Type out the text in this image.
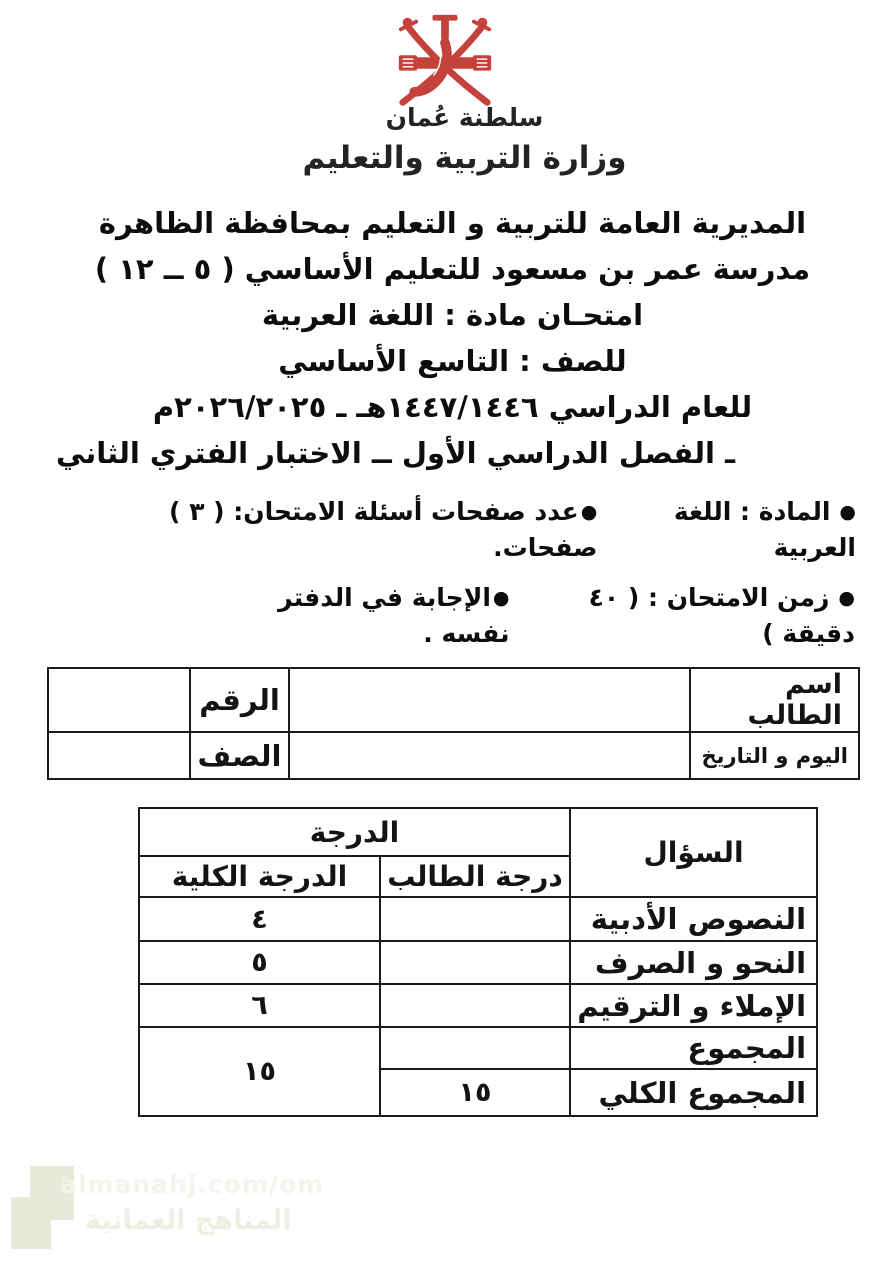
سلطنة عُمان
وزارة التربية والتعليم
المديرية العامة للتربية و التعليم بمحافظة الظاهرة
مدرسة عمر بن مسعود للتعليم الأساسي ( ٥ ــ ١٢ )
امتحـان مادة : اللغة العربية
للصف : التاسع الأساسي
للعام الدراسي ١٤٤٧/١٤٤٦هـ ـ ٢٠٢٦/٢٠٢٥م
ـ الفصل الدراسي الأول ــ الاختبار الفتري الثاني
●المادة : اللغة العربية
●عدد صفحات أسئلة الامتحان: ( ٣ ) صفحات.
●زمن الامتحان : ( ٤٠ دقيقة )
●الإجابة في الدفتر نفسه .
اسم الطالب		الرقم	
اليوم و التاريخ		الصف	
السؤال	الدرجة	
	درجة الطالب	الدرجة الكلية
النصوص الأدبية		٤
النحو و الصرف		٥
الإملاء و الترقيم		٦
المجموع		١٥
المجموع الكلي	١٥	
almanahj.com/om
المناهج العمانية
